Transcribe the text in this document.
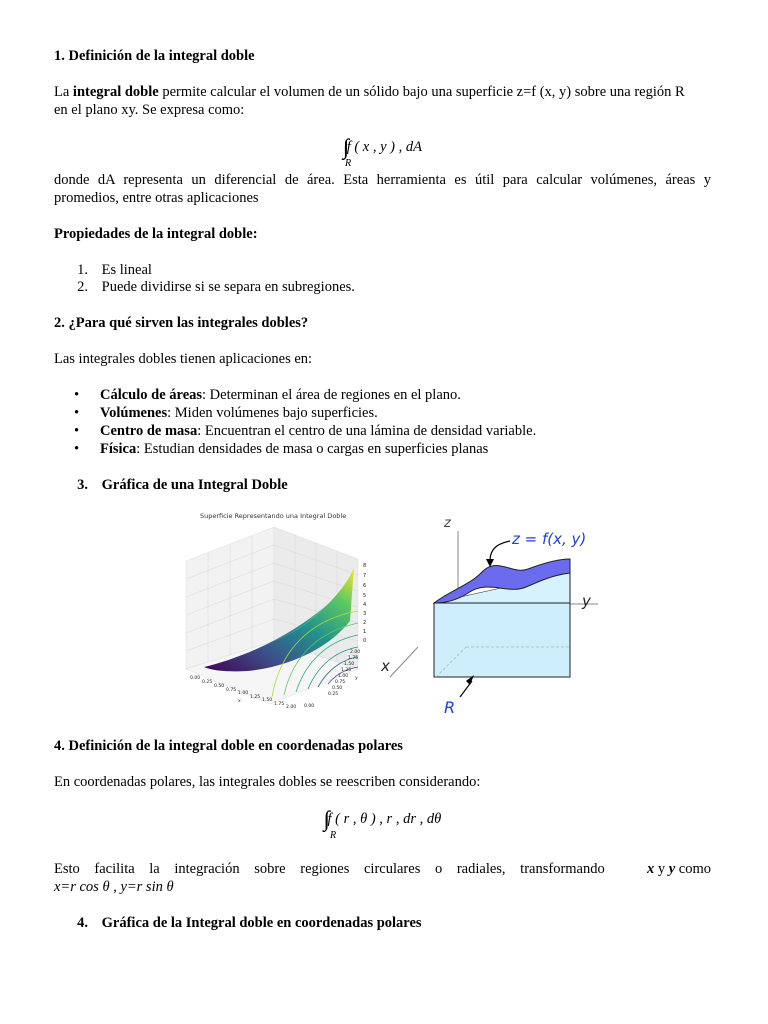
1. Definición de la integral doble
La integral doble permite calcular el volumen de un sólido bajo una superficie z=f (x, y) sobre una región R
en el plano xy. Se expresa como:
∫∫ f ( x , y ) , dA
R
donde dA representa un diferencial de área. Esta herramienta es útil para calcular volúmenes, áreas y
promedios, entre otras aplicaciones
Propiedades de la integral doble:
1. Es lineal
2. Puede dividirse si se separa en subregiones.
2. ¿Para qué sirven las integrales dobles?
Las integrales dobles tienen aplicaciones en:
• Cálculo de áreas: Determinan el área de regiones en el plano.
• Volúmenes: Miden volúmenes bajo superficies.
• Centro de masa: Encuentran el centro de una lámina de densidad variable.
• Física: Estudian densidades de masa o cargas en superficies planas
3. Gráfica de una Integral Doble
Superficie Representando una Integral Doble
8
7
6
5
4
3
2
1
0
2.00
1.75
1.50
1.25
1.00
0.75
0.50
0.25
0.00
y
0.00
0.25
0.50
0.75
1.00
1.25
1.50
1.75
2.00
x
z
y
x
R
z = f(x, y)
4. Definición de la integral doble en coordenadas polares
En coordenadas polares, las integrales dobles se reescriben considerando:
∫∫ f ( r , θ ) , r , dr , dθ
R
Esto facilita la integración sobre regiones circulares o radiales, transformando	x y y como
x=r cos θ , y=r sin θ
4. Gráfica de la Integral doble en coordenadas polares
